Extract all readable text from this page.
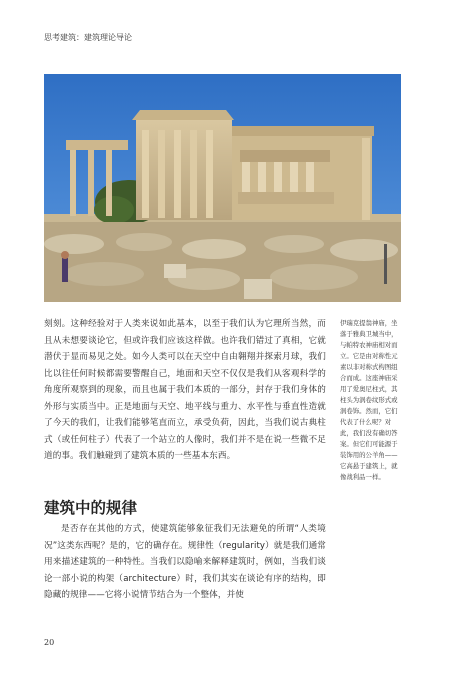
思考建筑：建筑理论导论

刻刻。这种经验对于人类来说如此基本，以至于我们认为它理所当然，而且从未想要谈论它，但或许我们应该这样做。也许我们错过了真相，它就潜伏于显而易见之处。如今人类可以在天空中自由翱翔并探索月球，我们比以往任何时候都需要警醒自己，地面和天空不仅仅是我们从客观科学的角度所观察到的现象，而且也属于我们本质的一部分，封存于我们身体的外形与实质当中。正是地面与天空、地平线与重力、水平性与垂直性造就了今天的我们，让我们能够笔直而立，承受负荷，因此，当我们说古典柱式（或任何柱子）代表了一个站立的人像时，我们并不是在说一些微不足道的事。我们触碰到了建筑本质的一些基本东西。

建筑中的规律

是否存在其他的方式，使建筑能够象征我们无法避免的所谓“人类境况”这类东西呢？是的，它的确存在。规律性（regularity）就是我们通常用来描述建筑的一种特性。当我们以隐喻来解释建筑时，例如，当我们谈论一部小说的构架（architecture）时，我们其实在谈论有序的结构，即隐藏的规律——它将小说情节结合为一个整体，并使

伊瑞克提翁神庙，坐落于雅典卫城当中，与帕特农神庙相对而立。它是由对称性元素以非对称式构图组合而成。这座神庙采用了爱奥尼柱式，其柱头为涡卷纹形式或涡卷饰。然而，它们代表了什么呢？对此，我们没有确切答案。但它们可能源于装饰用的公羊角——它高悬于建筑上，就像战利品一样。
20
